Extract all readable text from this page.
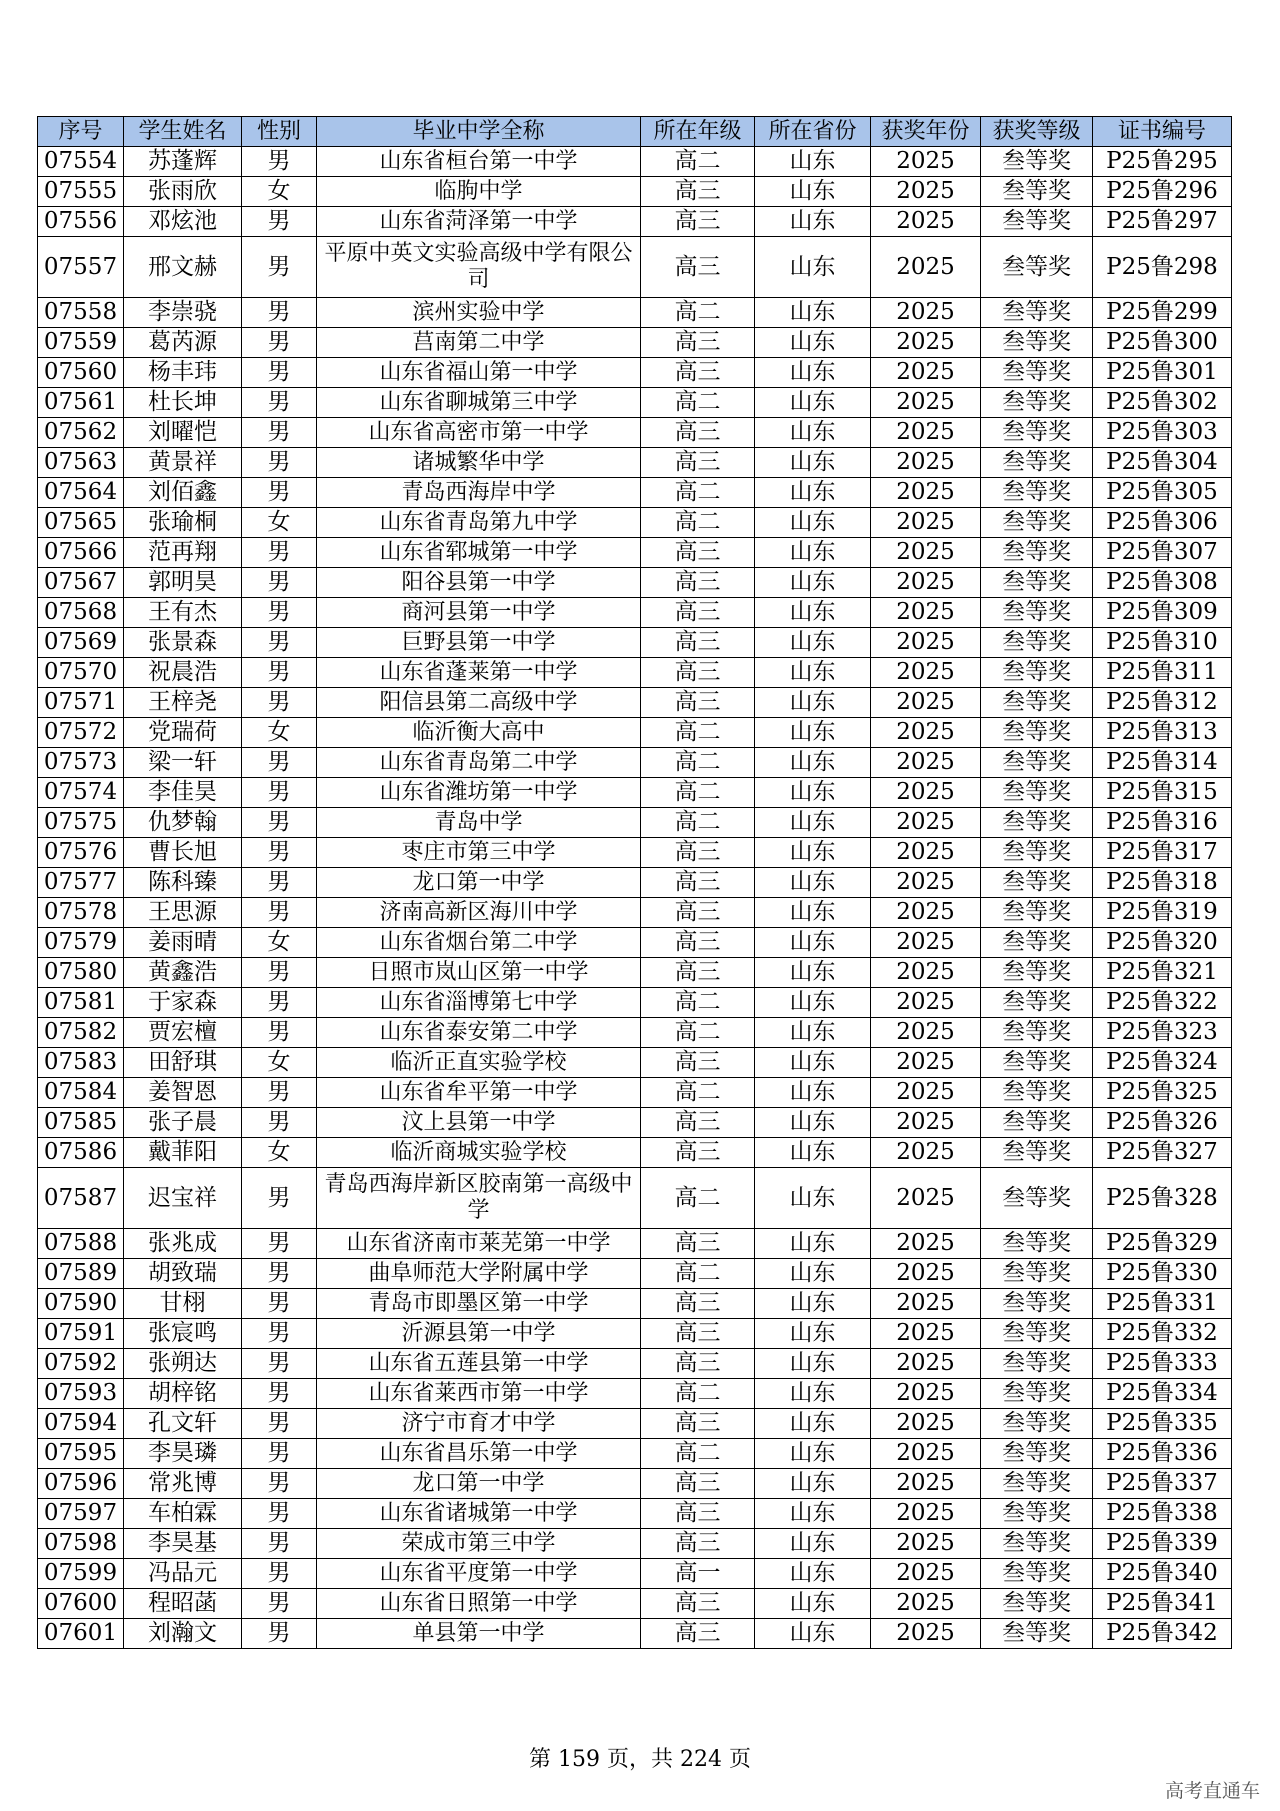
序号	学生姓名	性别	毕业中学全称	所在年级	所在省份	获奖年份	获奖等级	证书编号
07554	苏蓬辉	男	山东省桓台第一中学	高二	山东	2025	叁等奖	P25鲁295
07555	张雨欣	女	临朐中学	高三	山东	2025	叁等奖	P25鲁296
07556	邓炫池	男	山东省菏泽第一中学	高三	山东	2025	叁等奖	P25鲁297
07557	邢文赫	男	平原中英文实验高级中学有限公司	高三	山东	2025	叁等奖	P25鲁298
07558	李崇骁	男	滨州实验中学	高二	山东	2025	叁等奖	P25鲁299
07559	葛芮源	男	莒南第二中学	高三	山东	2025	叁等奖	P25鲁300
07560	杨丰玮	男	山东省福山第一中学	高三	山东	2025	叁等奖	P25鲁301
07561	杜长坤	男	山东省聊城第三中学	高二	山东	2025	叁等奖	P25鲁302
07562	刘曜恺	男	山东省高密市第一中学	高三	山东	2025	叁等奖	P25鲁303
07563	黄景祥	男	诸城繁华中学	高三	山东	2025	叁等奖	P25鲁304
07564	刘佰鑫	男	青岛西海岸中学	高二	山东	2025	叁等奖	P25鲁305
07565	张瑜桐	女	山东省青岛第九中学	高二	山东	2025	叁等奖	P25鲁306
07566	范再翔	男	山东省郓城第一中学	高三	山东	2025	叁等奖	P25鲁307
07567	郭明昊	男	阳谷县第一中学	高三	山东	2025	叁等奖	P25鲁308
07568	王有杰	男	商河县第一中学	高三	山东	2025	叁等奖	P25鲁309
07569	张景森	男	巨野县第一中学	高三	山东	2025	叁等奖	P25鲁310
07570	祝晨浩	男	山东省蓬莱第一中学	高三	山东	2025	叁等奖	P25鲁311
07571	王梓尧	男	阳信县第二高级中学	高三	山东	2025	叁等奖	P25鲁312
07572	党瑞荷	女	临沂衡大高中	高二	山东	2025	叁等奖	P25鲁313
07573	梁一轩	男	山东省青岛第二中学	高二	山东	2025	叁等奖	P25鲁314
07574	李佳昊	男	山东省潍坊第一中学	高二	山东	2025	叁等奖	P25鲁315
07575	仇梦翰	男	青岛中学	高二	山东	2025	叁等奖	P25鲁316
07576	曹长旭	男	枣庄市第三中学	高三	山东	2025	叁等奖	P25鲁317
07577	陈科臻	男	龙口第一中学	高三	山东	2025	叁等奖	P25鲁318
07578	王思源	男	济南高新区海川中学	高三	山东	2025	叁等奖	P25鲁319
07579	姜雨晴	女	山东省烟台第二中学	高三	山东	2025	叁等奖	P25鲁320
07580	黄鑫浩	男	日照市岚山区第一中学	高三	山东	2025	叁等奖	P25鲁321
07581	于家森	男	山东省淄博第七中学	高二	山东	2025	叁等奖	P25鲁322
07582	贾宏檀	男	山东省泰安第二中学	高二	山东	2025	叁等奖	P25鲁323
07583	田舒琪	女	临沂正直实验学校	高三	山东	2025	叁等奖	P25鲁324
07584	姜智恩	男	山东省牟平第一中学	高二	山东	2025	叁等奖	P25鲁325
07585	张子晨	男	汶上县第一中学	高三	山东	2025	叁等奖	P25鲁326
07586	戴菲阳	女	临沂商城实验学校	高三	山东	2025	叁等奖	P25鲁327
07587	迟宝祥	男	青岛西海岸新区胶南第一高级中学	高二	山东	2025	叁等奖	P25鲁328
07588	张兆成	男	山东省济南市莱芜第一中学	高三	山东	2025	叁等奖	P25鲁329
07589	胡致瑞	男	曲阜师范大学附属中学	高二	山东	2025	叁等奖	P25鲁330
07590	甘栩	男	青岛市即墨区第一中学	高三	山东	2025	叁等奖	P25鲁331
07591	张宸鸣	男	沂源县第一中学	高三	山东	2025	叁等奖	P25鲁332
07592	张朔达	男	山东省五莲县第一中学	高三	山东	2025	叁等奖	P25鲁333
07593	胡梓铭	男	山东省莱西市第一中学	高二	山东	2025	叁等奖	P25鲁334
07594	孔文轩	男	济宁市育才中学	高三	山东	2025	叁等奖	P25鲁335
07595	李昊璘	男	山东省昌乐第一中学	高二	山东	2025	叁等奖	P25鲁336
07596	常兆博	男	龙口第一中学	高三	山东	2025	叁等奖	P25鲁337
07597	车柏霖	男	山东省诸城第一中学	高三	山东	2025	叁等奖	P25鲁338
07598	李昊基	男	荣成市第三中学	高三	山东	2025	叁等奖	P25鲁339
07599	冯品元	男	山东省平度第一中学	高一	山东	2025	叁等奖	P25鲁340
07600	程昭菡	男	山东省日照第一中学	高三	山东	2025	叁等奖	P25鲁341
07601	刘瀚文	男	单县第一中学	高三	山东	2025	叁等奖	P25鲁342
第 159 页，共 224 页
高考直通车
